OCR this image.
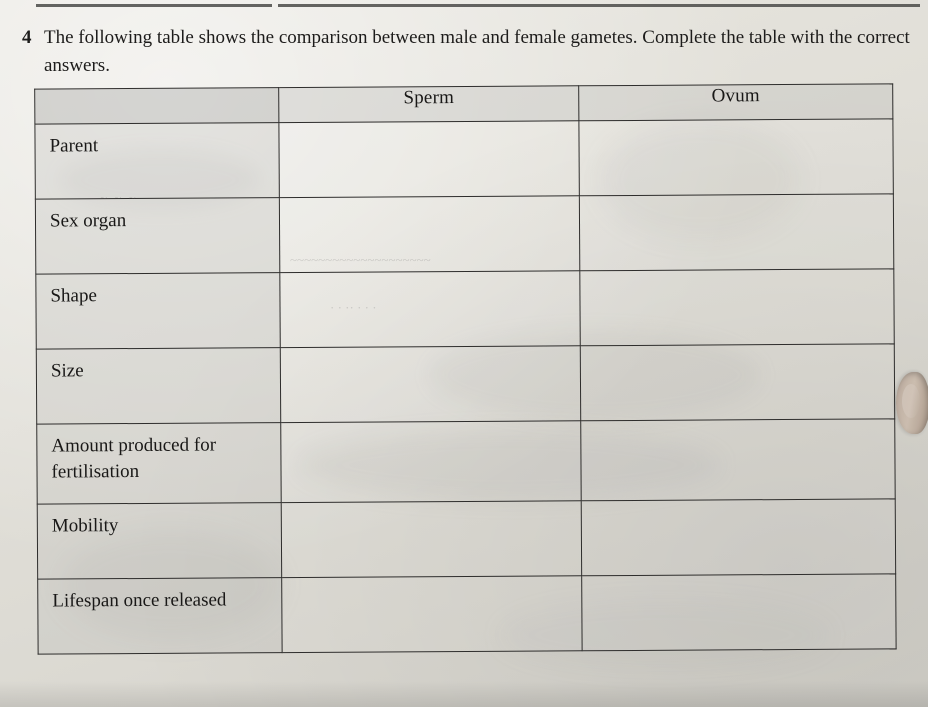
4 The following table shows the comparison between male and female gametes. Complete the table with the correct answers.
	Sperm	Ovum
Parent		
Sex organ		
Shape		
Size		
Amount produced for fertilisation		
Mobility		
Lifespan once released		
~~~~~~~~~~~~~~~~~~~~
· · ·· · · ·
~ ~ ~
